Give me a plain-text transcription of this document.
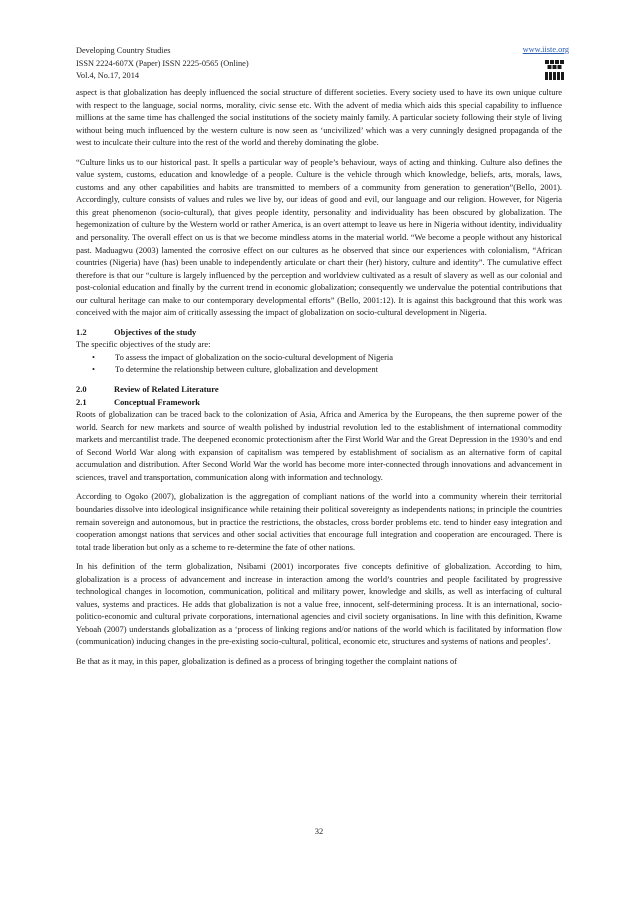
Developing Country Studies
ISSN 2224-607X (Paper) ISSN 2225-0565 (Online)
Vol.4, No.17, 2014
www.iiste.org

aspect is that globalization has deeply influenced the social structure of different societies. Every society used to have its own unique culture with respect to the language, social norms, morality, civic sense etc. With the advent of media which aids this special capability to influence millions at the same time has challenged the social institutions of the society mainly family. A particular society following their style of living without being much influenced by the western culture is now seen as ‘uncivilized’ which was a very cunningly designed propaganda of the west to inculcate their culture into the rest of the world and thereby dominating the globe.

“Culture links us to our historical past. It spells a particular way of people’s behaviour, ways of acting and thinking. Culture also defines the value system, customs, education and knowledge of a people. Culture is the vehicle through which knowledge, beliefs, arts, morals, laws, customs and any other capabilities and habits are transmitted to members of a community from generation to generation”(Bello, 2001). Accordingly, culture consists of values and rules we live by, our ideas of good and evil, our language and our religion. However, for Nigeria this great phenomenon (socio-cultural), that gives people identity, personality and individuality has been obscured by globalization. The hegemonization of culture by the Western world or rather America, is an overt attempt to leave us here in Nigeria without identity, individuality and personality. The overall effect on us is that we become mindless atoms in the material world. “We become a people without any historical past. Maduagwu (2003) lamented the corrosive effect on our cultures as he observed that since our experiences with colonialism, “African countries (Nigeria) have (has) been unable to independently articulate or chart their (her) history, culture and identity”. The cumulative effect therefore is that our “culture is largely influenced by the perception and worldview cultivated as a result of slavery as well as our colonial and post-colonial education and finally by the current trend in economic globalization; consequently we undervalue the potential contributions that our cultural heritage can make to our contemporary developmental efforts” (Bello, 2001:12). It is against this background that this work was conceived with the major aim of critically assessing the impact of globalization on socio-cultural development in Nigeria.

1.2	Objectives of the study
The specific objectives of the study are:
• To assess the impact of globalization on the socio-cultural development of Nigeria
• To determine the relationship between culture, globalization and development
2.0	Review of Related Literature
2.1	Conceptual Framework

Roots of globalization can be traced back to the colonization of Asia, Africa and America by the Europeans, the then supreme power of the world. Search for new markets and source of wealth polished by industrial revolution led to the establishment of international commodity markets and mercantilist trade. The deepened economic protectionism after the First World War and the Great Depression in the 1930’s and end of Second World War along with expansion of capitalism was tempered by establishment of socialism as an alternative form of capital accumulation and distribution. After Second World War the world has become more inter-connected through innovations and advancement in sciences, travel and transportation, communication along with information and technology.

According to Ogoko (2007), globalization is the aggregation of compliant nations of the world into a community wherein their territorial boundaries dissolve into ideological insignificance while retaining their political sovereignty as independents nations; in principle the countries remain sovereign and autonomous, but in practice the restrictions, the obstacles, cross border problems etc. tend to hinder easy integration and cooperation amongst nations that services and other social activities that encourage full integration and cooperation are encouraged. There is total trade liberation but only as a scheme to re-determine the fate of other nations.

In his definition of the term globalization, Nsibami (2001) incorporates five concepts definitive of globalization. According to him, globalization is a process of advancement and increase in interaction among the world’s countries and people facilitated by progressive technological changes in locomotion, communication, political and military power, knowledge and skills, as well as interfacing of cultural values, systems and practices. He adds that globalization is not a value free, innocent, self-determining process. It is an international, socio-politico-economic and cultural private corporations, international agencies and civil society organisations. In line with this definition, Kwame Yeboah (2007) understands globalization as a ‘process of linking regions and/or nations of the world which is facilitated by information flow (communication) inducing changes in the pre-existing socio-cultural, political, economic etc, structures and systems of nations and peoples’.

Be that as it may, in this paper, globalization is defined as a process of bringing together the complaint nations of

32
